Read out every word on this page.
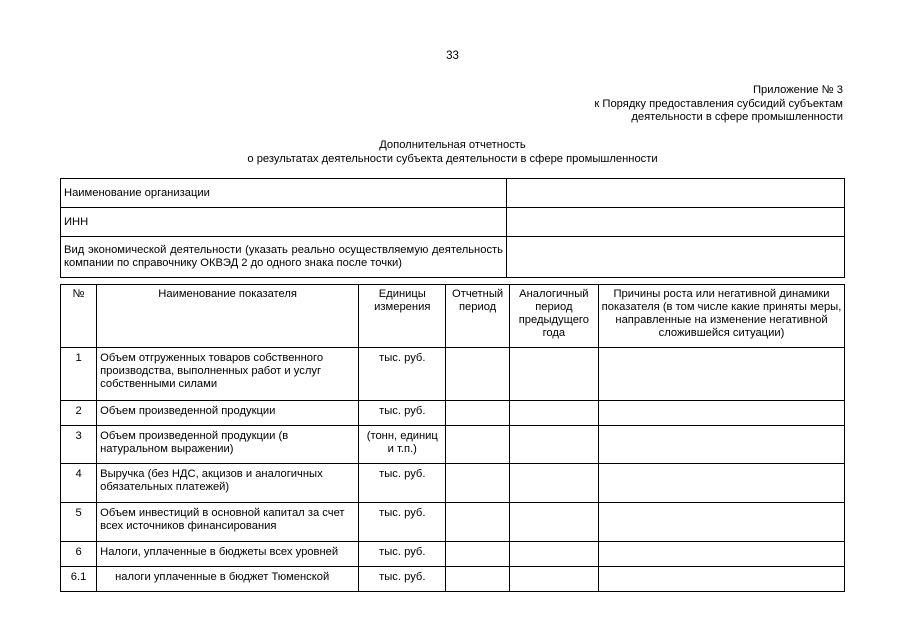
33
Приложение № 3
к Порядку предоставления субсидий субъектам
деятельности в сфере промышленности
Дополнительная отчетность
о результатах деятельности субъекта деятельности в сфере промышленности
Наименование организации	
ИНН	
Вид экономической деятельности (указать реально осуществляемую деятельность компании по справочнику ОКВЭД 2 до одного знака после точки)	
№	Наименование показателя	Единицы измерения	Отчетный период	Аналогичный период предыдущего года	Причины роста или негативной динамики показателя (в том числе какие приняты меры, направленные на изменение негативной сложившейся ситуации)
1	Объем отгруженных товаров собственного производства, выполненных работ и услуг собственными силами	тыс. руб.			
2	Объем произведенной продукции	тыс. руб.			
3	Объем произведенной продукции (в натуральном выражении)	(тонн, единиц и т.п.)			
4	Выручка (без НДС, акцизов и аналогичных обязательных платежей)	тыс. руб.			
5	Объем инвестиций в основной капитал за счет всех источников финансирования	тыс. руб.			
6	Налоги, уплаченные в бюджеты всех уровней	тыс. руб.			
6.1	налоги уплаченные в бюджет Тюменской	тыс. руб.			
